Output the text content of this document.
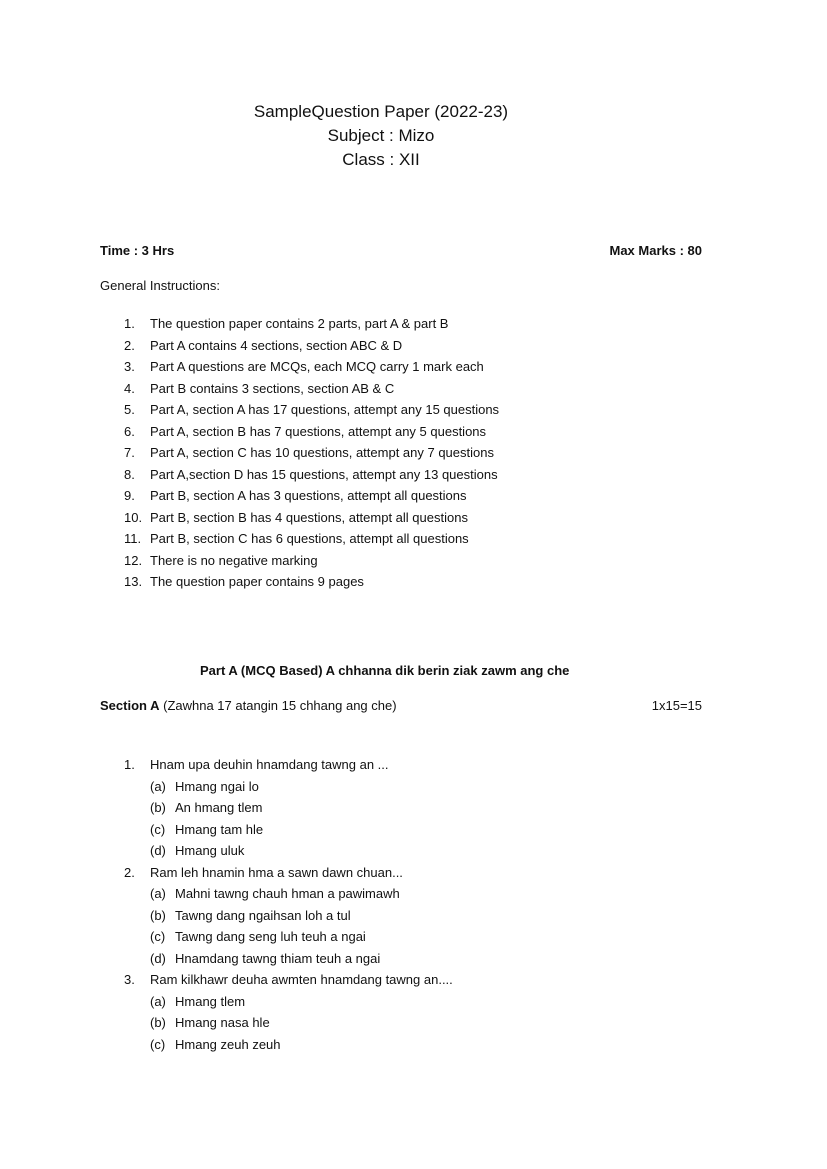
SampleQuestion Paper (2022-23)
Subject : Mizo
Class : XII
Time : 3 Hrs	Max Marks : 80
General Instructions:
1. The question paper contains 2 parts, part A & part B
2. Part A contains 4 sections, section ABC & D
3. Part A questions are MCQs, each MCQ carry 1 mark each
4. Part B contains 3 sections, section AB & C
5. Part A, section A has 17 questions, attempt any 15 questions
6. Part A, section B has 7 questions, attempt any 5 questions
7. Part A, section C has 10 questions, attempt any 7 questions
8. Part A,section D has 15 questions, attempt any 13 questions
9. Part B, section A has 3 questions, attempt all questions
10. Part B, section B has 4 questions, attempt all questions
11. Part B, section C has 6 questions, attempt all questions
12. There is no negative marking
13. The question paper contains 9 pages
Part A (MCQ Based) A chhanna dik berin ziak zawm ang che
Section A (Zawhna 17 atangin 15 chhang ang che)	1x15=15
1. Hnam upa deuhin hnamdang tawng an ...
(a) Hmang ngai lo
(b) An hmang tlem
(c) Hmang tam hle
(d) Hmang uluk
2. Ram leh hnamin hma a sawn dawn chuan...
(a) Mahni tawng chauh hman a pawimawh
(b) Tawng dang ngaihsan loh a tul
(c) Tawng dang seng luh teuh a ngai
(d) Hnamdang tawng thiam teuh a ngai
3. Ram kilkhawr deuha awmten hnamdang tawng an....
(a) Hmang tlem
(b) Hmang nasa hle
(c) Hmang zeuh zeuh
